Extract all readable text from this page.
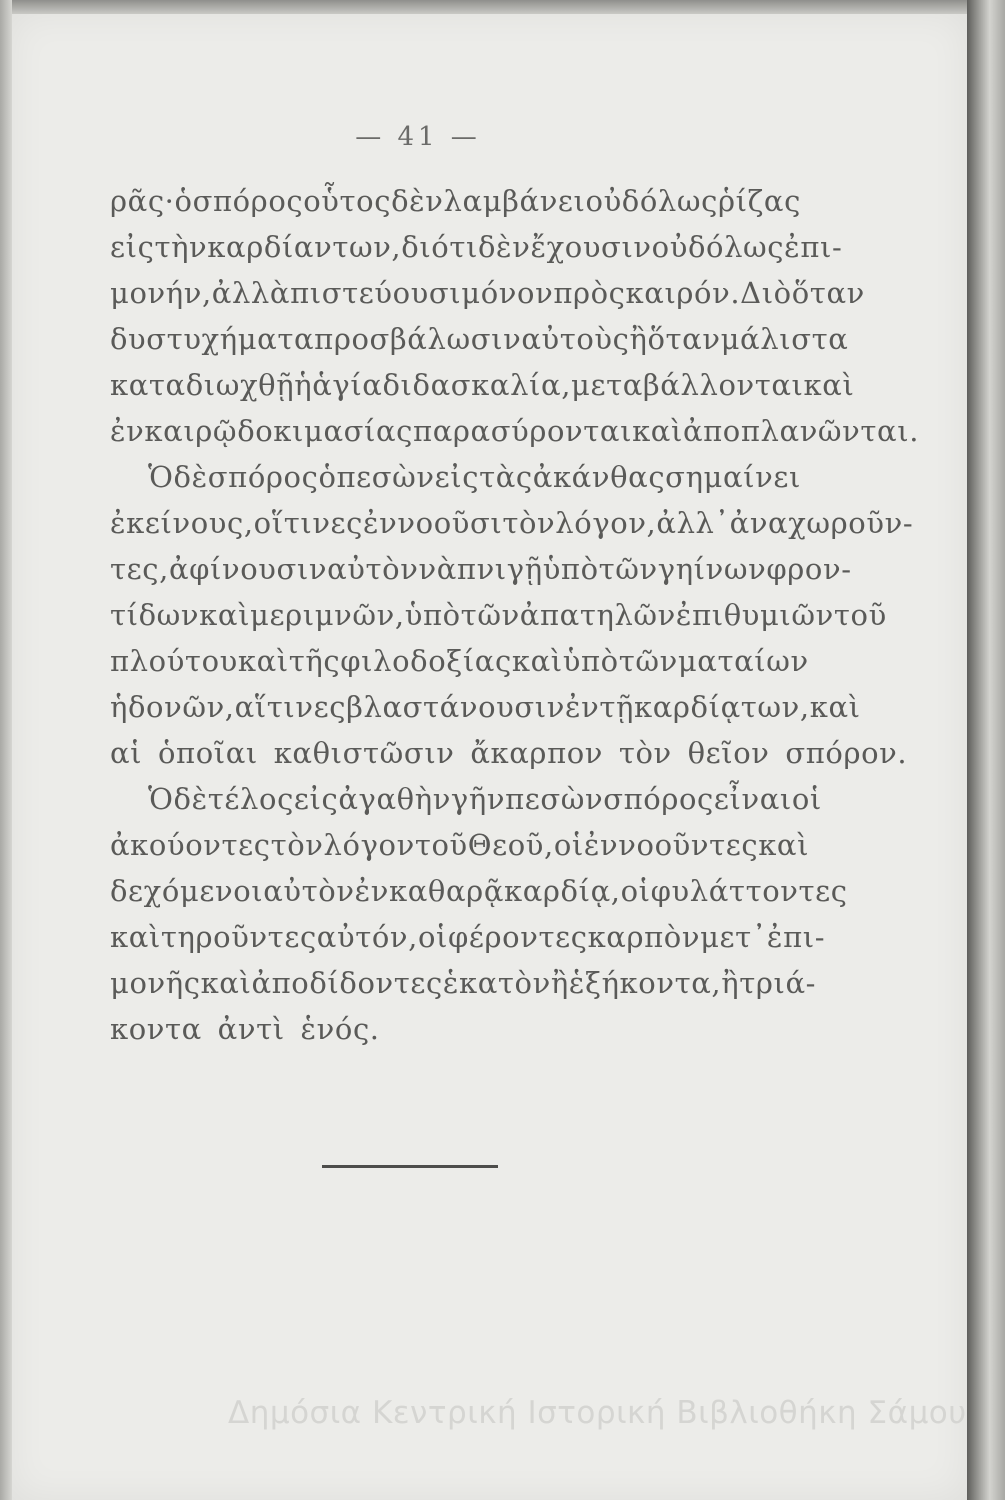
— 41 —
ρᾶς· ὁ σπόρος οὗτος δὲν λαμβάνει οὐδόλως ῥίζας
εἰς τὴν καρδίαν των, διότι δὲν ἔχουσιν οὐδόλως ἐπι-
μονήν, ἀλλὰ πιστεύουσι μόνον πρὸς καιρόν. Διὸ ὅταν
δυστυχήματα προσβάλωσιν αὐτοὺς ἢ ὅταν μάλιστα
καταδιωχθῇ ἡ ἁγία διδασκαλία, μεταβάλλονται καὶ
ἐν καιρῷ δοκιμασίας παρασύρονται καὶ ἀποπλανῶνται.
Ὁ δὲ σπόρος ὁ πεσὼν εἰς τὰς ἀκάνθας σημαίνει
ἐκείνους, οἵτινες ἐννοοῦσι τὸν λόγον, ἀλλ᾽ ἀναχωροῦν-
τες, ἀφίνουσιν αὐτὸν νὰ πνιγῇ ὑπὸ τῶν γηίνων φρον-
τίδων καὶ μεριμνῶν, ὑπὸ τῶν ἀπατηλῶν ἐπιθυμιῶν τοῦ
πλούτου καὶ τῆς φιλοδοξίας καὶ ὑπὸ τῶν ματαίων
ἡδονῶν, αἵτινες βλαστάνουσιν ἐν τῇ καρδίᾳ των, καὶ
αἱ ὁποῖαι καθιστῶσιν ἄκαρπον τὸν θεῖον σπόρον.
Ὁ δὲ τέλος εἰς ἀγαθὴν γῆν πεσὼν σπόρος εἶναι οἱ
ἀκούοντες τὸν λόγον τοῦ Θεοῦ, οἱ ἐννοοῦντες καὶ
δεχόμενοι αὐτὸν ἐν καθαρᾷ καρδίᾳ, οἱ φυλάττοντες
καὶ τηροῦντες αὐτόν, οἱ φέροντες καρπὸν μετ᾽ ἐπι-
μονῆς καὶ ἀποδίδοντες ἑκατὸν ἢ ἑξήκοντα, ἢ τριά-
κοντα ἀντὶ ἑνός.
Δημόσια Κεντρική Ιστορική Βιβλιοθήκη Σάμου
